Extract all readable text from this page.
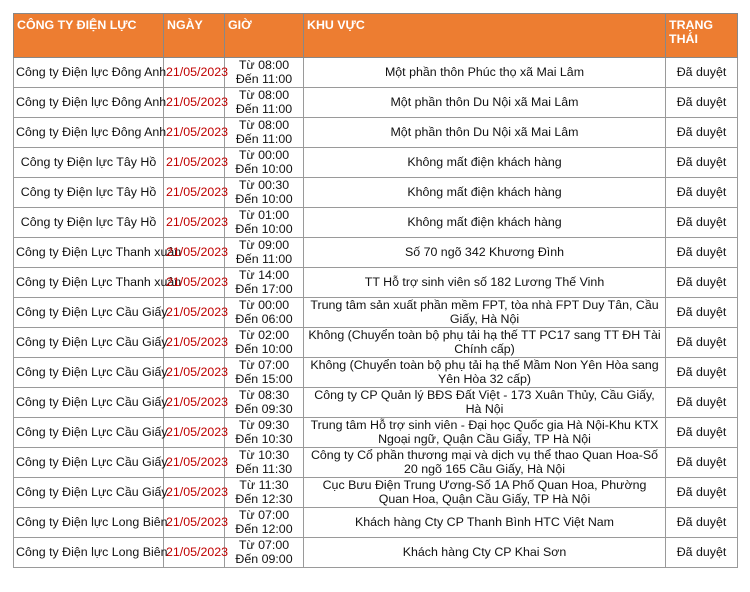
CÔNG TY ĐIỆN LỰC	NGÀY	GIỜ	KHU VỰC	TRẠNG THÁI
Công ty Điện lực Đông Anh	21/05/2023	Từ 08:00 Đến 11:00	Một phần thôn Phúc thọ xã Mai Lâm	Đã duyệt
Công ty Điện lực Đông Anh	21/05/2023	Từ 08:00 Đến 11:00	Một phần thôn Du Nội xã Mai Lâm	Đã duyệt
Công ty Điện lực Đông Anh	21/05/2023	Từ 08:00 Đến 11:00	Một phần thôn Du Nội xã Mai Lâm	Đã duyệt
Công ty Điện lực Tây Hồ	21/05/2023	Từ 00:00 Đến 10:00	Không mất điện khách hàng	Đã duyệt
Công ty Điện lực Tây Hồ	21/05/2023	Từ 00:30 Đến 10:00	Không mất điện khách hàng	Đã duyệt
Công ty Điện lực Tây Hồ	21/05/2023	Từ 01:00 Đến 10:00	Không mất điện khách hàng	Đã duyệt
Công ty Điện Lực Thanh xuân	21/05/2023	Từ 09:00 Đến 11:00	Số 70 ngõ 342 Khương Đình	Đã duyệt
Công ty Điện Lực Thanh xuân	21/05/2023	Từ 14:00 Đến 17:00	TT Hỗ trợ sinh viên số 182 Lương Thế Vinh	Đã duyệt
Công ty Điện Lực Cầu Giấy	21/05/2023	Từ 00:00 Đến 06:00	Trung tâm sản xuất phần mềm FPT, tòa nhà FPT Duy Tân, Cầu Giấy, Hà Nội	Đã duyệt
Công ty Điện Lực Cầu Giấy	21/05/2023	Từ 02:00 Đến 10:00	Không (Chuyển toàn bộ phụ tải hạ thế TT PC17 sang TT ĐH Tài Chính cấp)	Đã duyệt
Công ty Điện Lực Cầu Giấy	21/05/2023	Từ 07:00 Đến 15:00	Không (Chuyển toàn bộ phụ tải hạ thế Mầm Non Yên Hòa sang Yên Hòa 32 cấp)	Đã duyệt
Công ty Điện Lực Cầu Giấy	21/05/2023	Từ 08:30 Đến 09:30	Công ty CP Quản lý BĐS Đất Việt - 173 Xuân Thủy, Cầu Giấy, Hà Nội	Đã duyệt
Công ty Điện Lực Cầu Giấy	21/05/2023	Từ 09:30 Đến 10:30	Trung tâm Hỗ trợ sinh viên - Đại học Quốc gia Hà Nội-Khu KTX Ngoại ngữ, Quận Cầu Giấy, TP Hà Nội	Đã duyệt
Công ty Điện Lực Cầu Giấy	21/05/2023	Từ 10:30 Đến 11:30	Công ty Cổ phần thương mại và dịch vụ thể thao Quan Hoa-Số 20 ngõ 165 Cầu Giấy, Hà Nội	Đã duyệt
Công ty Điện Lực Cầu Giấy	21/05/2023	Từ 11:30 Đến 12:30	Cục Bưu Điện Trung Ương-Số 1A Phố Quan Hoa, Phường Quan Hoa, Quận Cầu Giấy, TP Hà Nội	Đã duyệt
Công ty Điện lực Long Biên	21/05/2023	Từ 07:00 Đến 12:00	Khách hàng Cty CP Thanh Bình HTC Việt Nam	Đã duyệt
Công ty Điện lực Long Biên	21/05/2023	Từ 07:00 Đến 09:00	Khách hàng Cty CP Khai Sơn	Đã duyệt
